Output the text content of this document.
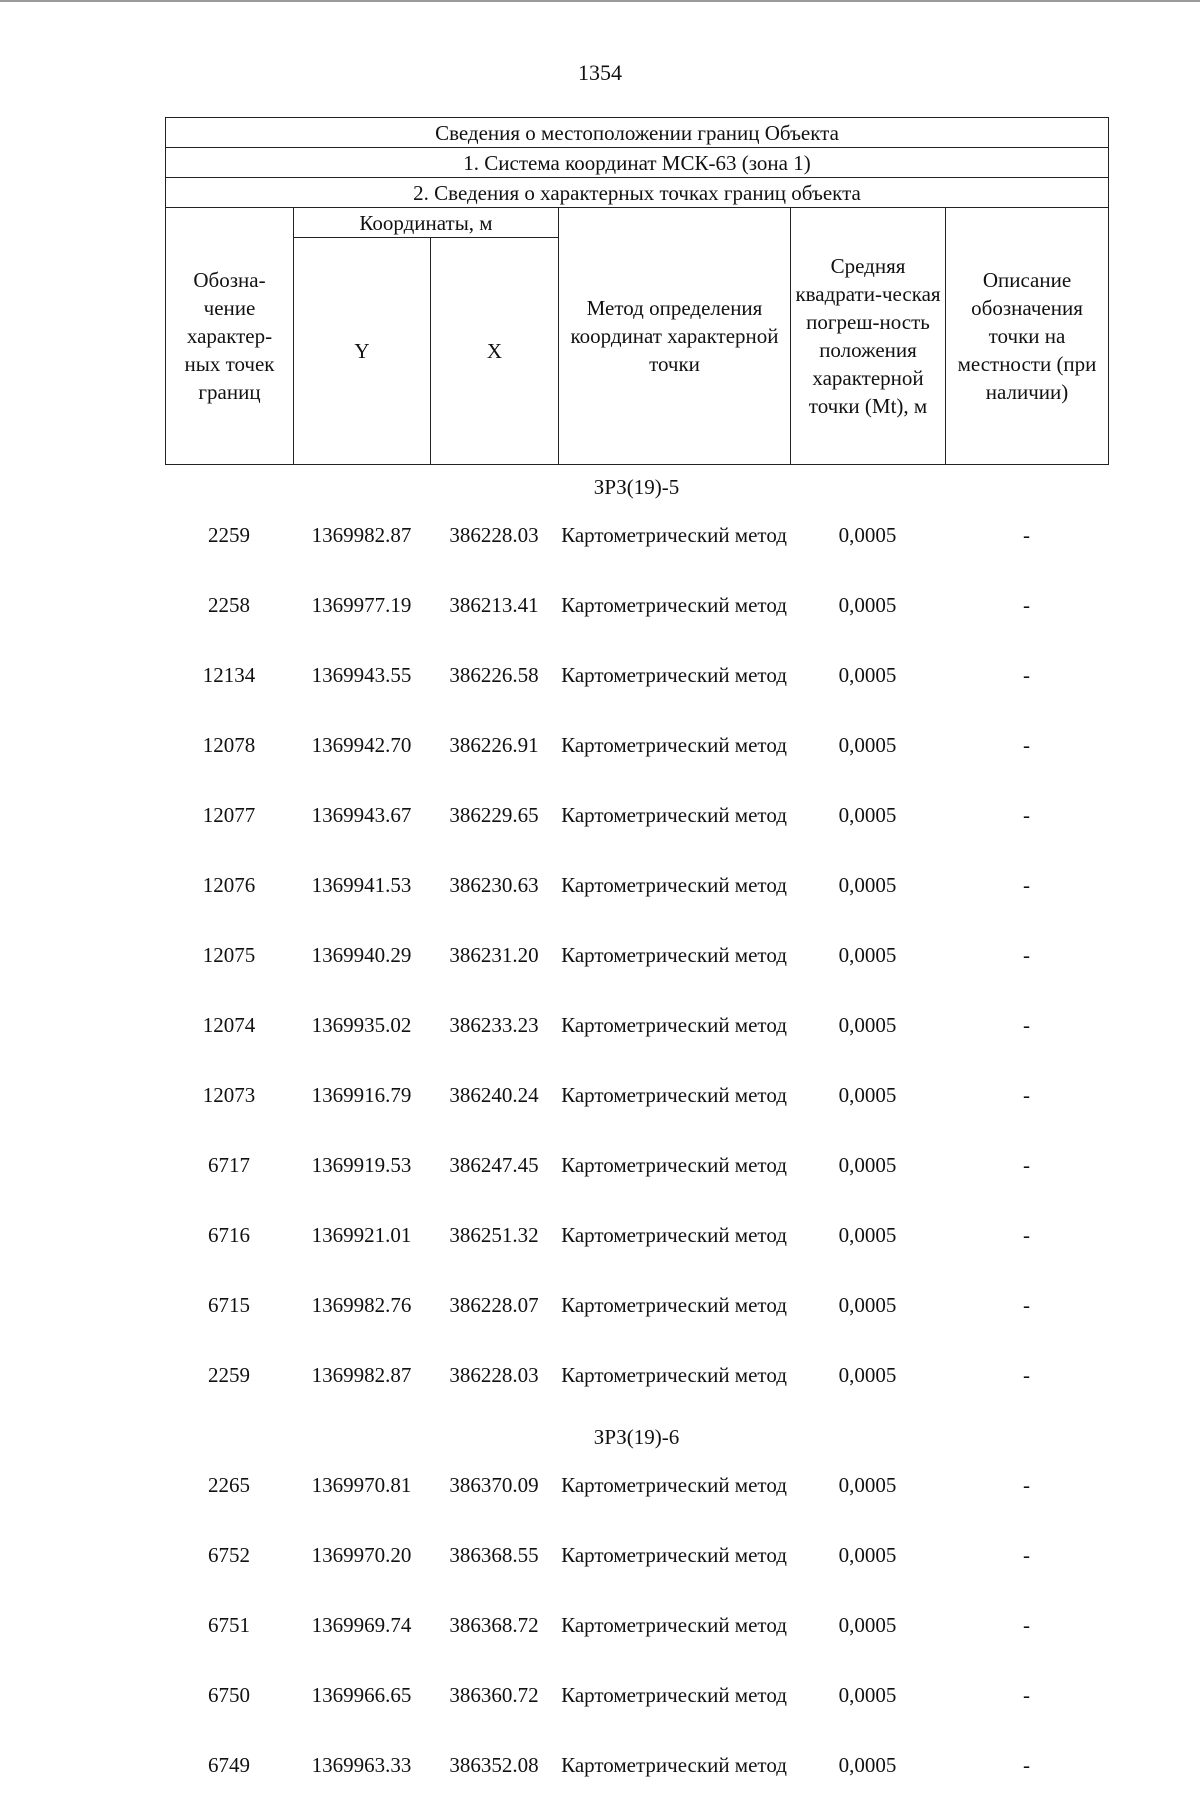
1354
Сведения о местоположении границ Объекта					
1. Система координат МСК-63 (зона 1)					
2. Сведения о характерных точках границ объекта					
Обозна-чение характер-ных точек границ	Координаты, м		Метод определения координат характерной точки	Средняя квадрати-ческая погреш-ность положения характерной точки (Mt), м	Описание обозначения точки на местности (при наличии)
	Y	X			
ЗРЗ(19)-5					
2259	1369982.87	386228.03	Картометрический метод	0,0005	-
2258	1369977.19	386213.41	Картометрический метод	0,0005	-
12134	1369943.55	386226.58	Картометрический метод	0,0005	-
12078	1369942.70	386226.91	Картометрический метод	0,0005	-
12077	1369943.67	386229.65	Картометрический метод	0,0005	-
12076	1369941.53	386230.63	Картометрический метод	0,0005	-
12075	1369940.29	386231.20	Картометрический метод	0,0005	-
12074	1369935.02	386233.23	Картометрический метод	0,0005	-
12073	1369916.79	386240.24	Картометрический метод	0,0005	-
6717	1369919.53	386247.45	Картометрический метод	0,0005	-
6716	1369921.01	386251.32	Картометрический метод	0,0005	-
6715	1369982.76	386228.07	Картометрический метод	0,0005	-
2259	1369982.87	386228.03	Картометрический метод	0,0005	-
ЗРЗ(19)-6					
2265	1369970.81	386370.09	Картометрический метод	0,0005	-
6752	1369970.20	386368.55	Картометрический метод	0,0005	-
6751	1369969.74	386368.72	Картометрический метод	0,0005	-
6750	1369966.65	386360.72	Картометрический метод	0,0005	-
6749	1369963.33	386352.08	Картометрический метод	0,0005	-
